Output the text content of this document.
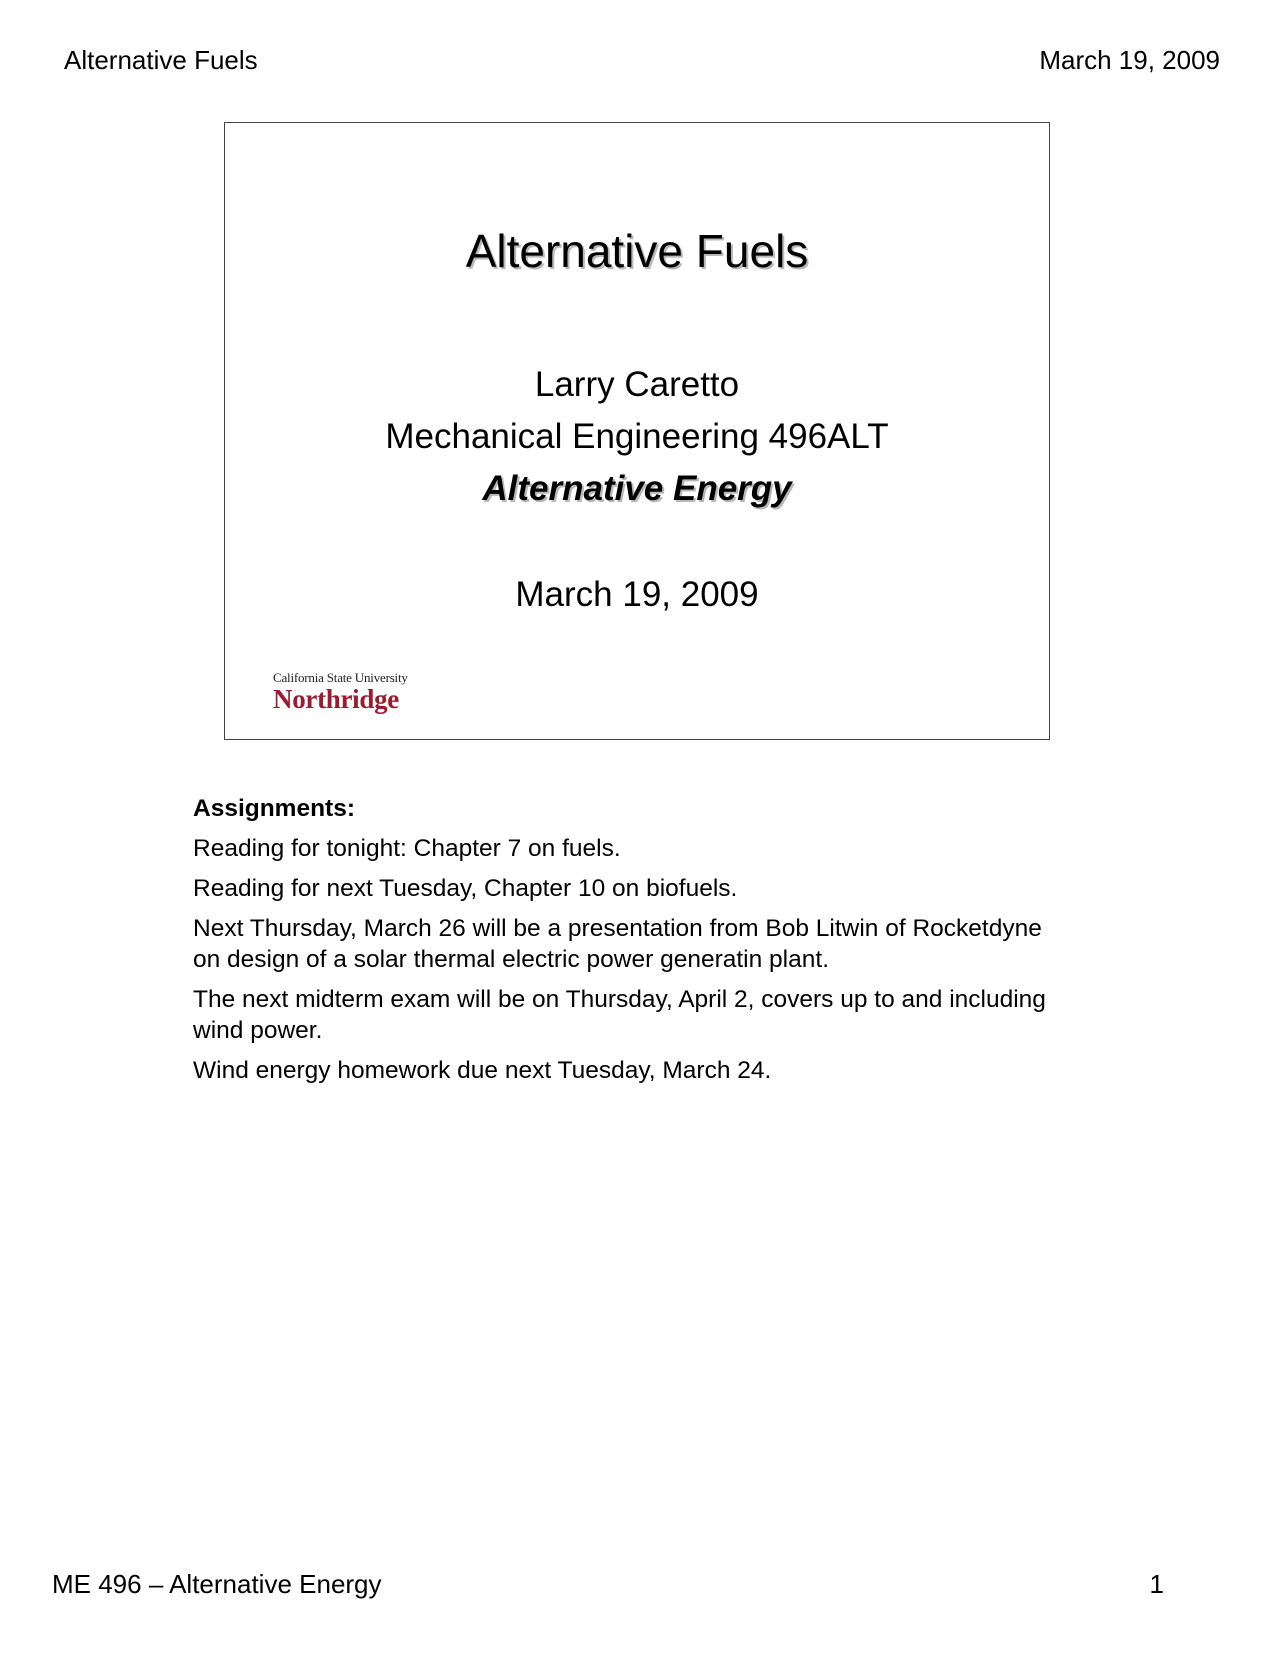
Alternative Fuels	March 19, 2009
Alternative Fuels
Larry Caretto
Mechanical Engineering 496ALT
Alternative Energy
March 19, 2009
California State University
Northridge
Assignments:
Reading for tonight: Chapter 7 on fuels.
Reading for next Tuesday, Chapter 10 on biofuels.
Next Thursday, March 26 will be a presentation from Bob Litwin of Rocketdyne on design of a solar thermal electric power generatin plant.
The next midterm exam will be on Thursday, April 2, covers up to and including wind power.
Wind energy homework due next Tuesday, March 24.
ME 496 – Alternative Energy	1
